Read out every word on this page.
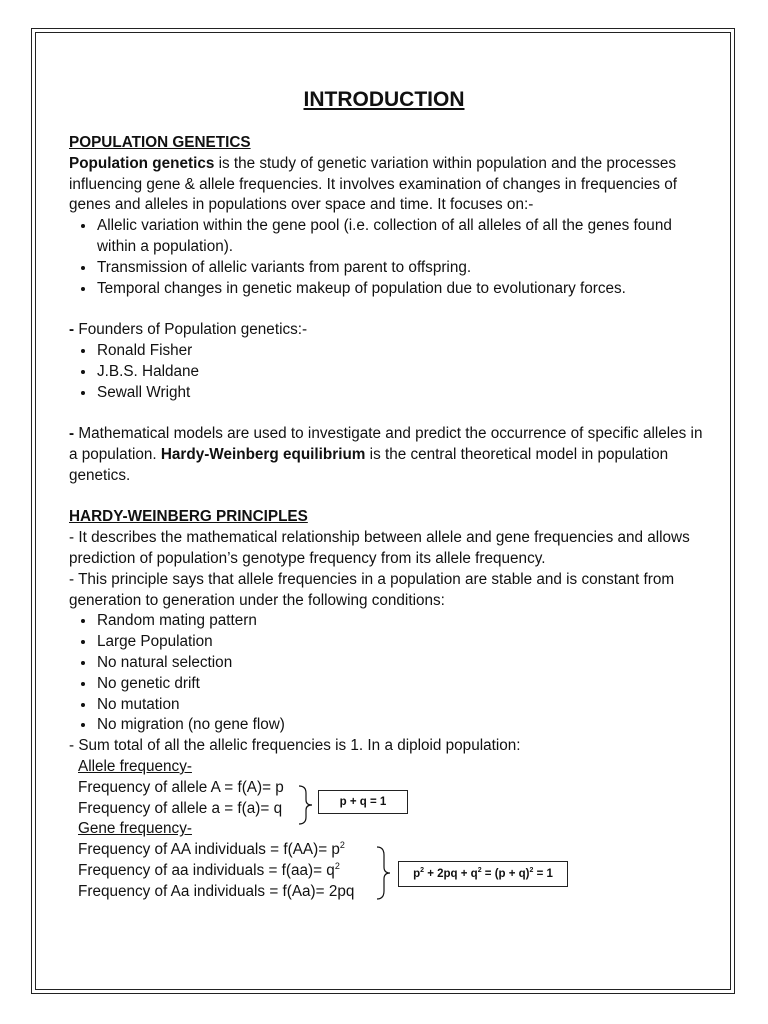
INTRODUCTION

POPULATION GENETICS

Population genetics is the study of genetic variation within population and the processes influencing gene & allele frequencies. It involves examination of changes in frequencies of genes and alleles in populations over space and time. It focuses on:-

• Allelic variation within the gene pool (i.e. collection of all alleles of all the genes found within a population).
• Transmission of allelic variants from parent to offspring.
• Temporal changes in genetic makeup of population due to evolutionary forces.

- Founders of Population genetics:-

• Ronald Fisher
• J.B.S. Haldane
• Sewall Wright

- Mathematical models are used to investigate and predict the occurrence of specific alleles in a population. Hardy-Weinberg equilibrium is the central theoretical model in population genetics.

HARDY-WEINBERG PRINCIPLES

- It describes the mathematical relationship between allele and gene frequencies and allows prediction of population’s genotype frequency from its allele frequency.

- This principle says that allele frequencies in a population are stable and is constant from generation to generation under the following conditions:

• Random mating pattern
• Large Population
• No natural selection
• No genetic drift
• No mutation
• No migration (no gene flow)

- Sum total of all the allelic frequencies is 1. In a diploid population:

Allele frequency-

Frequency of allele A = f(A)= p

Frequency of allele a = f(a)= q

Gene frequency-

Frequency of AA individuals = $f(AA)= p^2$

Frequency of aa individuals = $f(aa)= q^2$

Frequency of Aa individuals = f(Aa)= 2pq

p + q = 1
$p^2 + 2pq + q^2 = (p + q)^2 = 1$
